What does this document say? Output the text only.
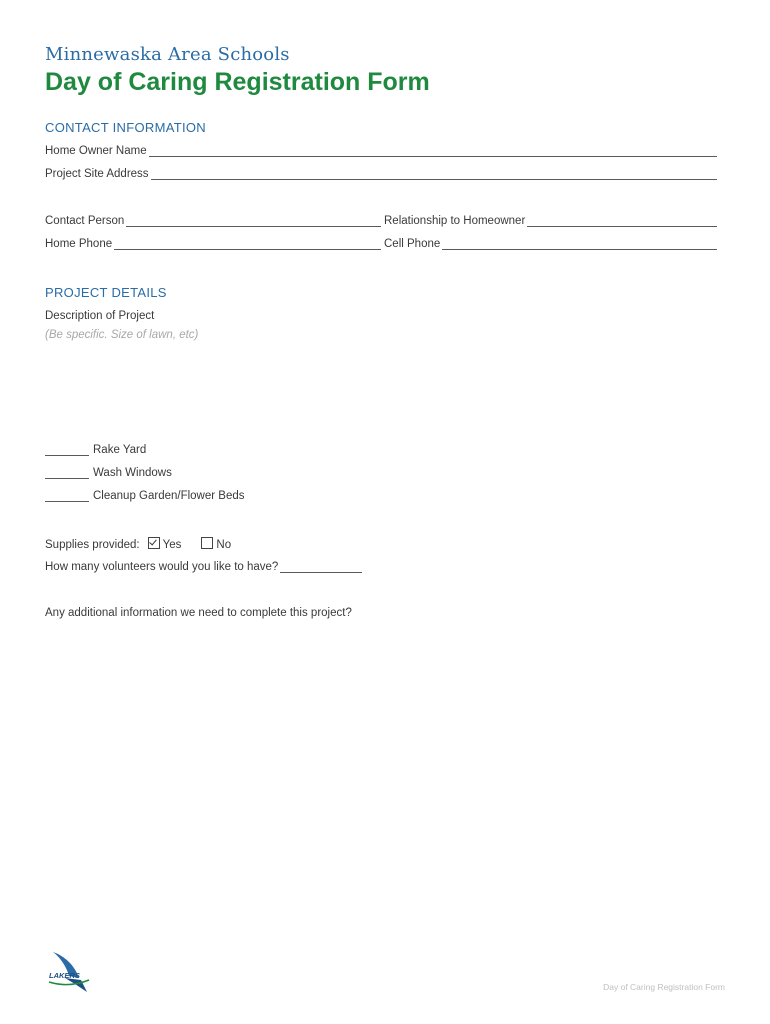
Minnewaska Area Schools
Day of Caring Registration Form
CONTACT INFORMATION
Home Owner Name
Project Site Address
Contact Person	Relationship to Homeowner
Home Phone	Cell Phone
PROJECT DETAILS
Description of Project
(Be specific. Size of lawn, etc)
Rake Yard
Wash Windows
Cleanup Garden/Flower Beds
Supplies provided: Yes	No
How many volunteers would you like to have?
Any additional information we need to complete this project?
LAKERS
Day of Caring Registration Form
